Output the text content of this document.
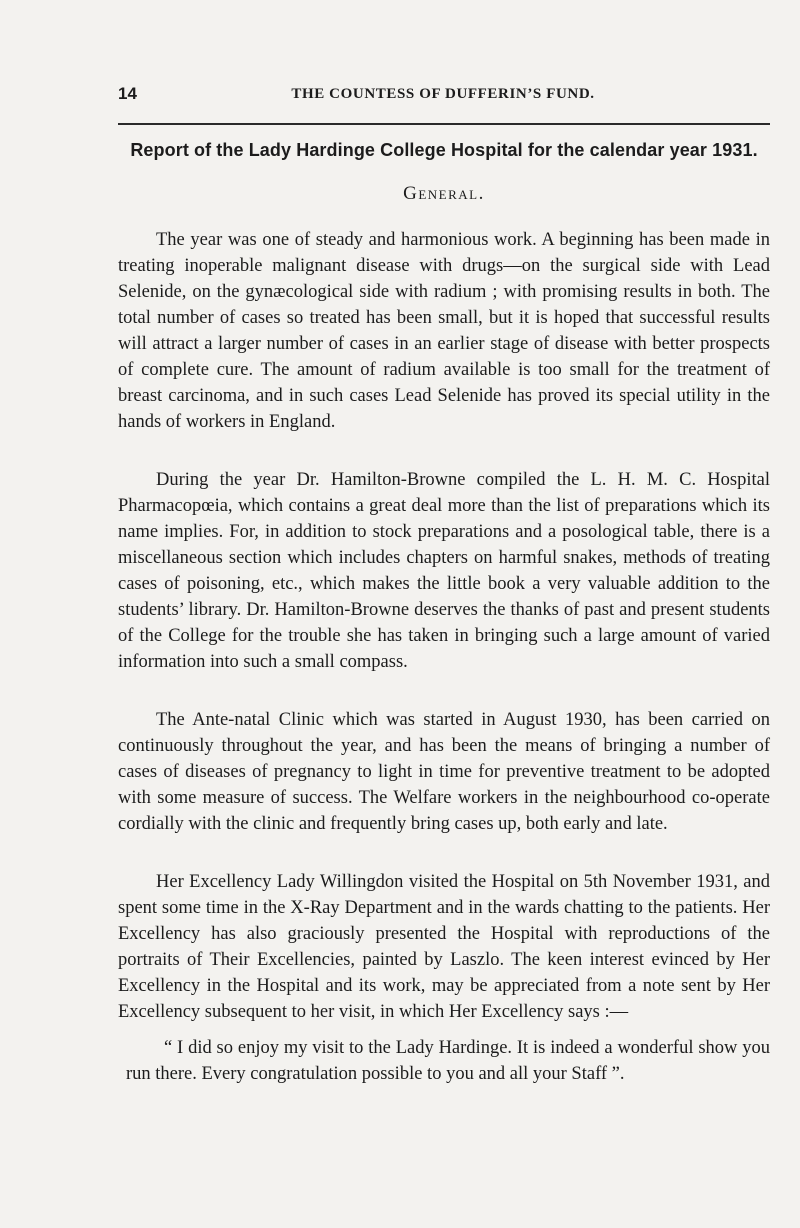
14	THE COUNTESS OF DUFFERIN’S FUND.
Report of the Lady Hardinge College Hospital for the calendar year 1931.
General.

The year was one of steady and harmonious work. A beginning has been made in treating inoperable malignant disease with drugs—on the surgical side with Lead Selenide, on the gynæcological side with radium ; with promising results in both. The total number of cases so treated has been small, but it is hoped that successful results will attract a larger number of cases in an earlier stage of disease with better prospects of complete cure. The amount of radium available is too small for the treatment of breast carcinoma, and in such cases Lead Selenide has proved its special utility in the hands of workers in England.

During the year Dr. Hamilton-Browne compiled the L. H. M. C. Hospital Pharmacopœia, which contains a great deal more than the list of preparations which its name implies. For, in addition to stock preparations and a posological table, there is a miscellaneous section which includes chapters on harmful snakes, methods of treating cases of poisoning, etc., which makes the little book a very valuable addition to the students’ library. Dr. Hamilton-Browne deserves the thanks of past and present students of the College for the trouble she has taken in bringing such a large amount of varied information into such a small compass.

The Ante-natal Clinic which was started in August 1930, has been carried on continuously throughout the year, and has been the means of bringing a number of cases of diseases of pregnancy to light in time for preventive treatment to be adopted with some measure of success. The Welfare workers in the neighbourhood co-operate cordially with the clinic and frequently bring cases up, both early and late.

Her Excellency Lady Willingdon visited the Hospital on 5th November 1931, and spent some time in the X-Ray Department and in the wards chatting to the patients. Her Excellency has also graciously presented the Hospital with reproductions of the portraits of Their Excellencies, painted by Laszlo. The keen interest evinced by Her Excellency in the Hospital and its work, may be appreciated from a note sent by Her Excellency subsequent to her visit, in which Her Excellency says :—

“ I did so enjoy my visit to the Lady Hardinge. It is indeed a wonderful show you run there. Every congratulation possible to you and all your Staff ”.
